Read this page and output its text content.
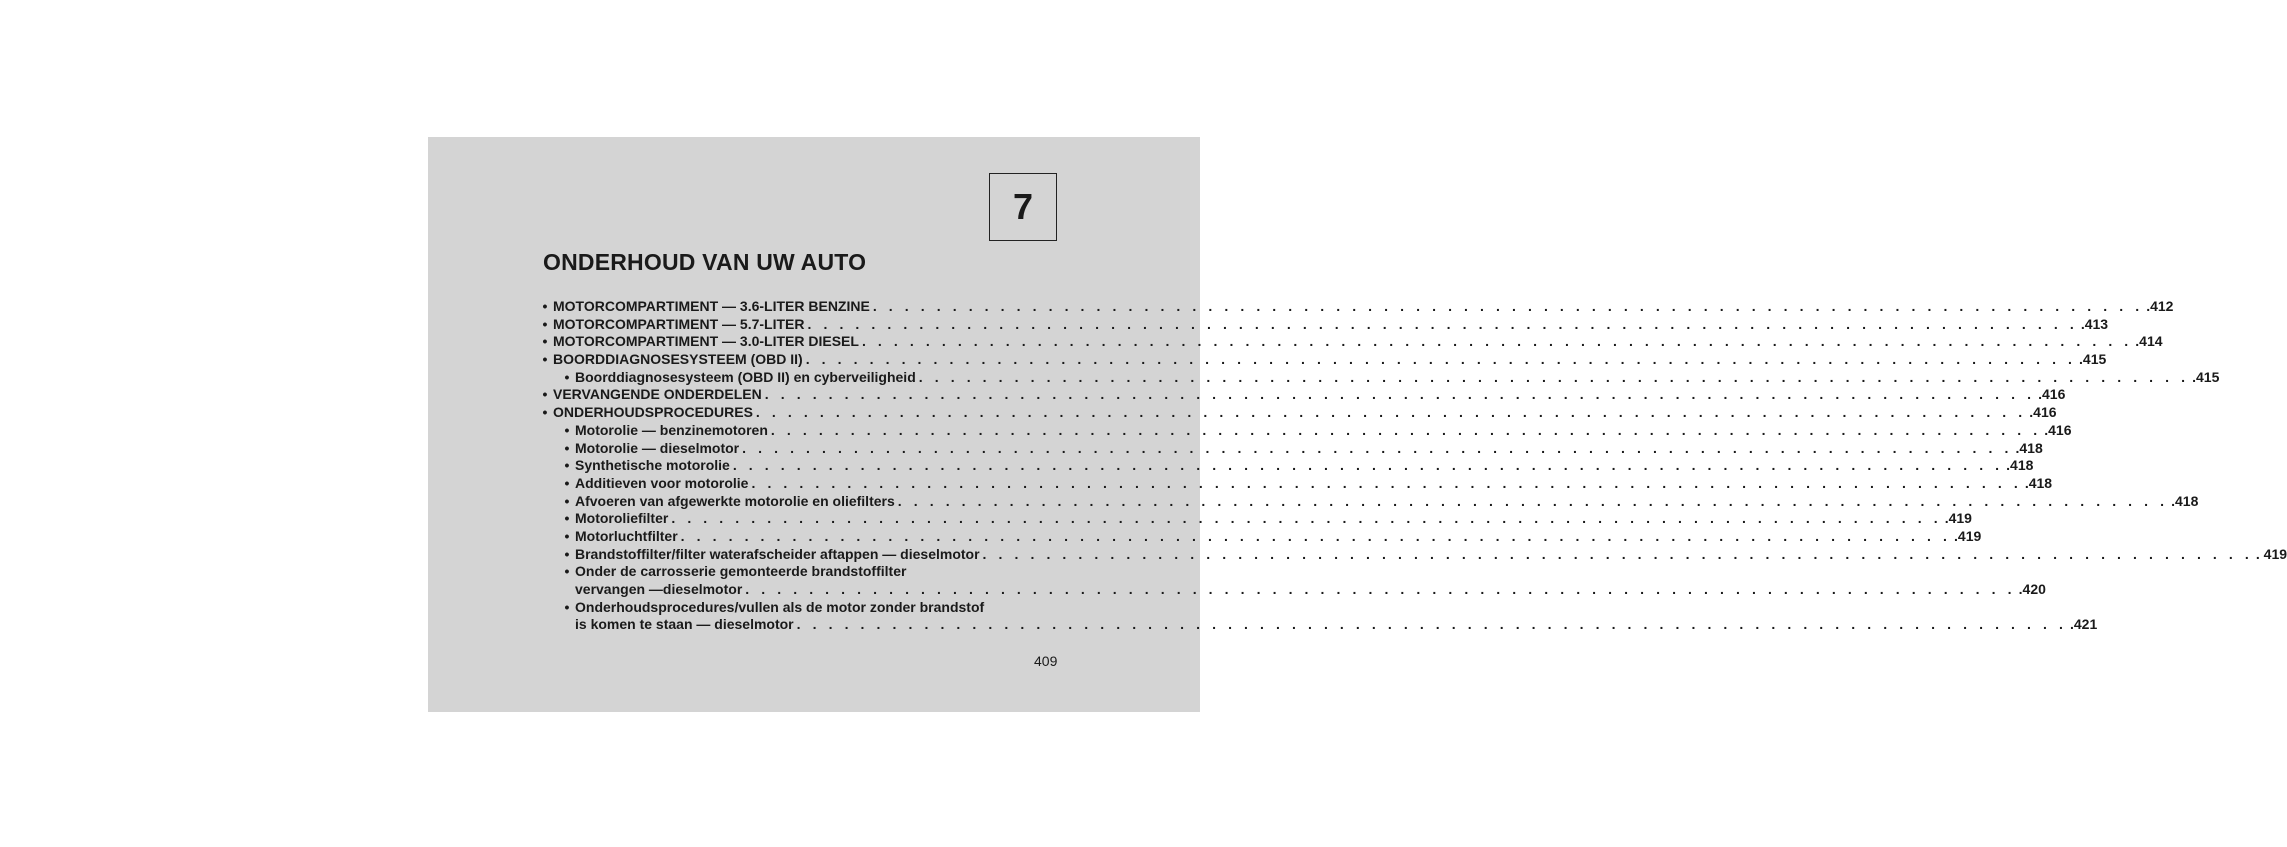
7
ONDERHOUD VAN UW AUTO
• MOTORCOMPARTIMENT — 3.6-LITER BENZINE . . . . . . . . . . . . . . . . . . . . . . . . . . . . . . . . . . . . . . . . . . . . . . . . . . . . . . . . . . . . . . . . . . . . . . . . . . . . . . . . .412
• MOTORCOMPARTIMENT — 5.7-LITER . . . . . . . . . . . . . . . . . . . . . . . . . . . . . . . . . . . . . . . . . . . . . . . . . . . . . . . . . . . . . . . . . . . . . . . . . . . . . . . . .413
• MOTORCOMPARTIMENT — 3.0-LITER DIESEL . . . . . . . . . . . . . . . . . . . . . . . . . . . . . . . . . . . . . . . . . . . . . . . . . . . . . . . . . . . . . . . . . . . . . . . . . . . . . . . . .414
• BOORDDIAGNOSESYSTEEM (OBD II) . . . . . . . . . . . . . . . . . . . . . . . . . . . . . . . . . . . . . . . . . . . . . . . . . . . . . . . . . . . . . . . . . . . . . . . . . . . . . . . . .415
• Boorddiagnosesysteem (OBD II) en cyberveiligheid . . . . . . . . . . . . . . . . . . . . . . . . . . . . . . . . . . . . . . . . . . . . . . . . . . . . . . . . . . . . . . . . . . . . . . . . . . . . . . . . .415
• VERVANGENDE ONDERDELEN . . . . . . . . . . . . . . . . . . . . . . . . . . . . . . . . . . . . . . . . . . . . . . . . . . . . . . . . . . . . . . . . . . . . . . . . . . . . . . . . .416
• ONDERHOUDSPROCEDURES . . . . . . . . . . . . . . . . . . . . . . . . . . . . . . . . . . . . . . . . . . . . . . . . . . . . . . . . . . . . . . . . . . . . . . . . . . . . . . . . .416
• Motorolie — benzinemotoren . . . . . . . . . . . . . . . . . . . . . . . . . . . . . . . . . . . . . . . . . . . . . . . . . . . . . . . . . . . . . . . . . . . . . . . . . . . . . . . . .416
• Motorolie — dieselmotor . . . . . . . . . . . . . . . . . . . . . . . . . . . . . . . . . . . . . . . . . . . . . . . . . . . . . . . . . . . . . . . . . . . . . . . . . . . . . . . . .418
• Synthetische motorolie . . . . . . . . . . . . . . . . . . . . . . . . . . . . . . . . . . . . . . . . . . . . . . . . . . . . . . . . . . . . . . . . . . . . . . . . . . . . . . . . .418
• Additieven voor motorolie . . . . . . . . . . . . . . . . . . . . . . . . . . . . . . . . . . . . . . . . . . . . . . . . . . . . . . . . . . . . . . . . . . . . . . . . . . . . . . . . .418
• Afvoeren van afgewerkte motorolie en oliefilters . . . . . . . . . . . . . . . . . . . . . . . . . . . . . . . . . . . . . . . . . . . . . . . . . . . . . . . . . . . . . . . . . . . . . . . . . . . . . . . . .418
• Motoroliefilter . . . . . . . . . . . . . . . . . . . . . . . . . . . . . . . . . . . . . . . . . . . . . . . . . . . . . . . . . . . . . . . . . . . . . . . . . . . . . . . . .419
• Motorluchtfilter . . . . . . . . . . . . . . . . . . . . . . . . . . . . . . . . . . . . . . . . . . . . . . . . . . . . . . . . . . . . . . . . . . . . . . . . . . . . . . . . .419
• Brandstoffilter/filter waterafscheider aftappen — dieselmotor . . . . . . . . . . . . . . . . . . . . . . . . . . . . . . . . . . . . . . . . . . . . . . . . . . . . . . . . . . . . . . . . . . . . . . . . . . . . . . . . . 419
• Onder de carrosserie gemonteerde brandstoffilter
vervangen —dieselmotor . . . . . . . . . . . . . . . . . . . . . . . . . . . . . . . . . . . . . . . . . . . . . . . . . . . . . . . . . . . . . . . . . . . . . . . . . . . . . . . . .420
• Onderhoudsprocedures/vullen als de motor zonder brandstof
is komen te staan — dieselmotor . . . . . . . . . . . . . . . . . . . . . . . . . . . . . . . . . . . . . . . . . . . . . . . . . . . . . . . . . . . . . . . . . . . . . . . . . . . . . . . . .421
409
